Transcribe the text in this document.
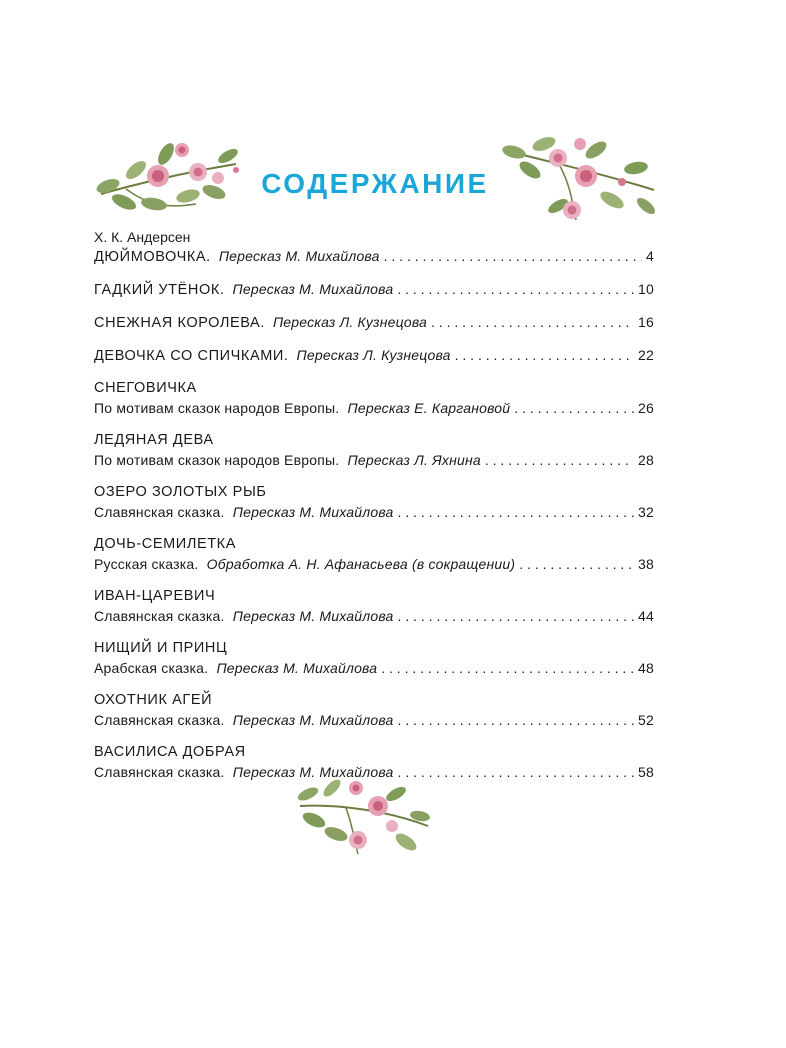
СОДЕРЖАНИЕ
Х. К. Андерсен
ДЮЙМОВОЧКА. Пересказ М. Михайлова . . .	4
ГАДКИЙ УТЁНОК. Пересказ М. Михайлова . . .	10
СНЕЖНАЯ КОРОЛЕВА. Пересказ Л. Кузнецова . . .	16
ДЕВОЧКА СО СПИЧКАМИ. Пересказ Л. Кузнецова . . .	22
СНЕГОВИЧКА
По мотивам сказок народов Европы.
Пересказ Е. Каргановой . . .	26
ЛЕДЯНАЯ ДЕВА
По мотивам сказок народов Европы.
Пересказ Л. Яхнина . . .	28
ОЗЕРО ЗОЛОТЫХ РЫБ
Славянская сказка.
Пересказ М. Михайлова . . .	32
ДОЧЬ-СЕМИЛЕТКА
Русская сказка.
Обработка А. Н. Афанасьева (в сокращении) . . .	38
ИВАН-ЦАРЕВИЧ
Славянская сказка.
Пересказ М. Михайлова . . .	44
НИЩИЙ И ПРИНЦ
Арабская сказка.
Пересказ М. Михайлова . . .	48
ОХОТНИК АГЕЙ
Славянская сказка.
Пересказ М. Михайлова . . .	52
ВАСИЛИСА ДОБРАЯ
Славянская сказка.
Пересказ М. Михайлова . . .	58
